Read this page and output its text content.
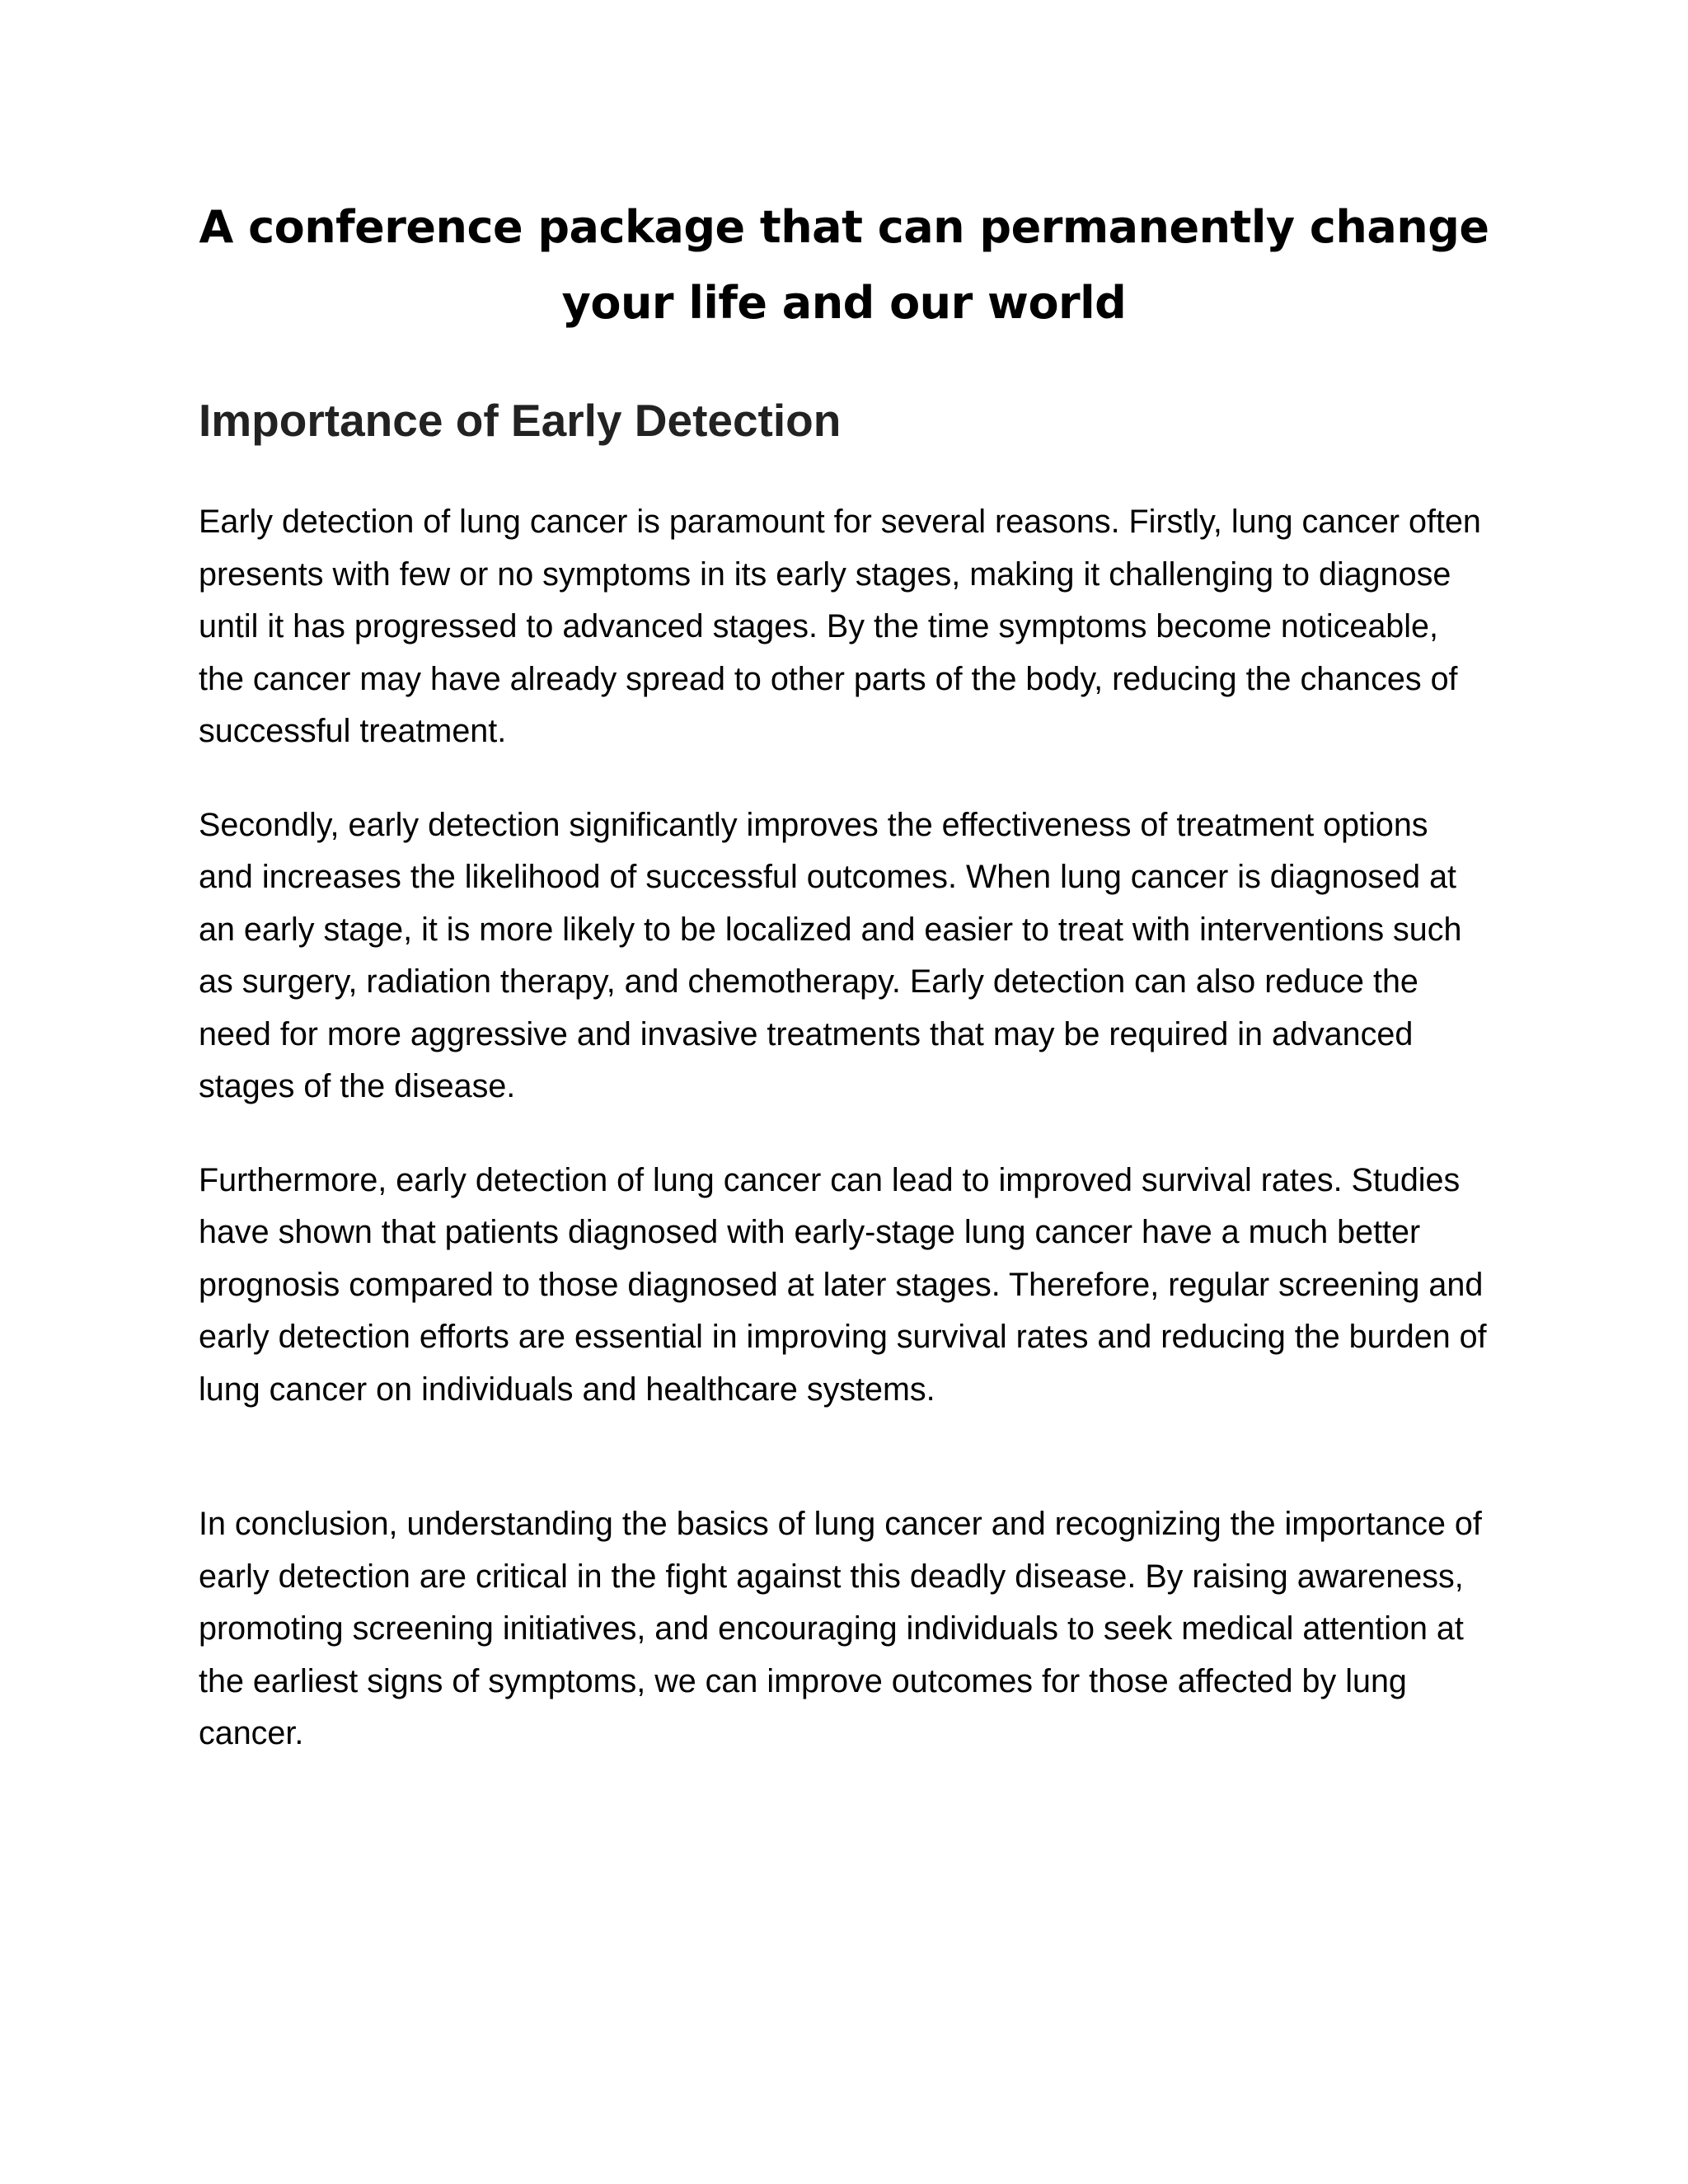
A conference package that can permanently change your life and our world
Importance of Early Detection

Early detection of lung cancer is paramount for several reasons. Firstly, lung cancer often presents with few or no symptoms in its early stages, making it challenging to diagnose until it has progressed to advanced stages. By the time symptoms become noticeable, the cancer may have already spread to other parts of the body, reducing the chances of successful treatment.

Secondly, early detection significantly improves the effectiveness of treatment options and increases the likelihood of successful outcomes. When lung cancer is diagnosed at an early stage, it is more likely to be localized and easier to treat with interventions such as surgery, radiation therapy, and chemotherapy. Early detection can also reduce the need for more aggressive and invasive treatments that may be required in advanced stages of the disease.

Furthermore, early detection of lung cancer can lead to improved survival rates. Studies have shown that patients diagnosed with early-stage lung cancer have a much better prognosis compared to those diagnosed at later stages. Therefore, regular screening and early detection efforts are essential in improving survival rates and reducing the burden of lung cancer on individuals and healthcare systems.

In conclusion, understanding the basics of lung cancer and recognizing the importance of early detection are critical in the fight against this deadly disease. By raising awareness, promoting screening initiatives, and encouraging individuals to seek medical attention at the earliest signs of symptoms, we can improve outcomes for those affected by lung cancer.
